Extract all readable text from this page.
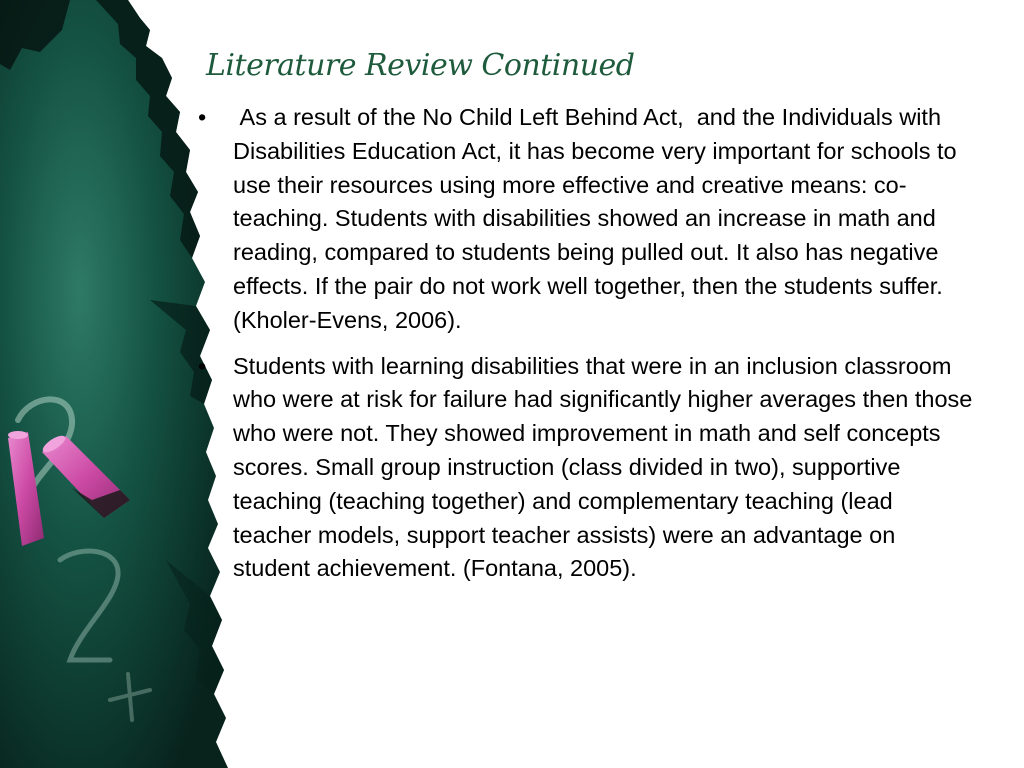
Literature Review Continued
• As a result of the No Child Left Behind Act,  and the Individuals with Disabilities Education Act, it has become very important for schools to use their resources using more effective and creative means: co-teaching. Students with disabilities showed an increase in math and reading, compared to students being pulled out. It also has negative effects. If the pair do not work well together, then the students suffer. (Kholer-Evens, 2006).
• Students with learning disabilities that were in an inclusion classroom who were at risk for failure had significantly higher averages then those who were not. They showed improvement in math and self concepts scores. Small group instruction (class divided in two), supportive teaching (teaching together) and complementary teaching (lead teacher models, support teacher assists) were an advantage on student achievement. (Fontana, 2005).
